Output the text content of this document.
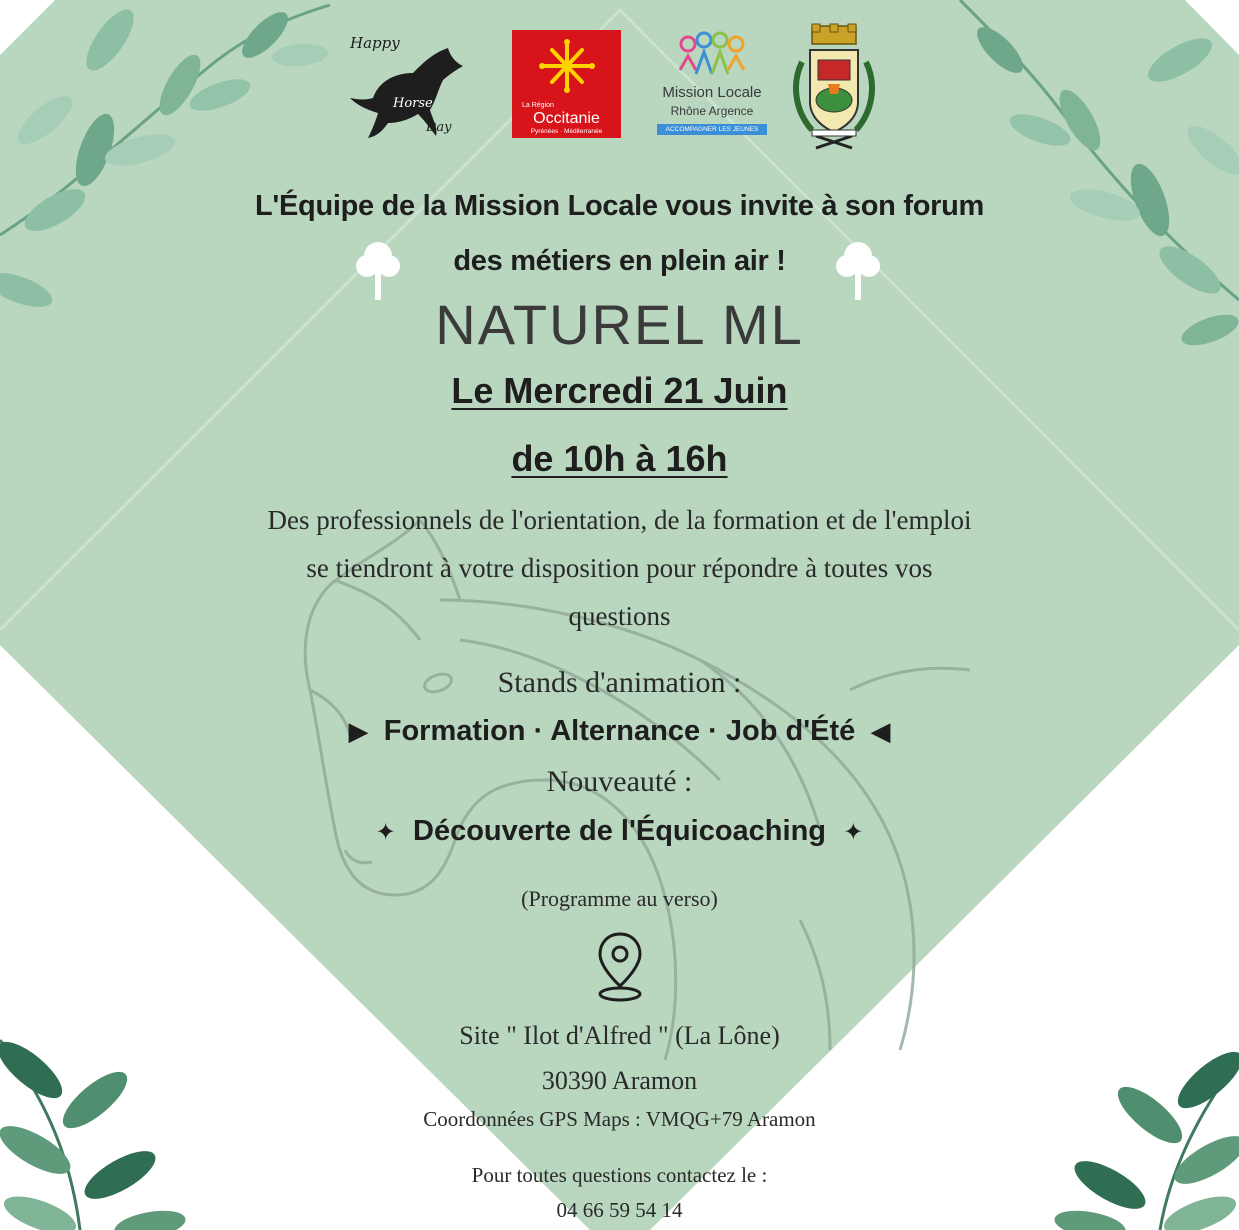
Happy
Horse
Day
La Région
Occitanie
Pyrénées · Méditerranée
Mission Locale
Rhône Argence
ACCOMPAGNER LES JEUNES
L'Équipe de la Mission Locale vous invite à son forum
des métiers en plein air !
NATUREL ML
Le Mercredi 21 Juin
de 10h à 16h
Des professionnels de l'orientation, de la formation et de l'emploi
se tiendront à votre disposition pour répondre à toutes vos
questions
Stands d'animation :
▶ Formation · Alternance · Job d'Été ◀
Nouveauté :
✦ Découverte de l'Équicoaching ✦
(Programme au verso)
Site " Ilot d'Alfred " (La Lône)
30390 Aramon
Coordonnées GPS Maps : VMQG+79 Aramon
Pour toutes questions contactez le :
04 66 59 54 14
